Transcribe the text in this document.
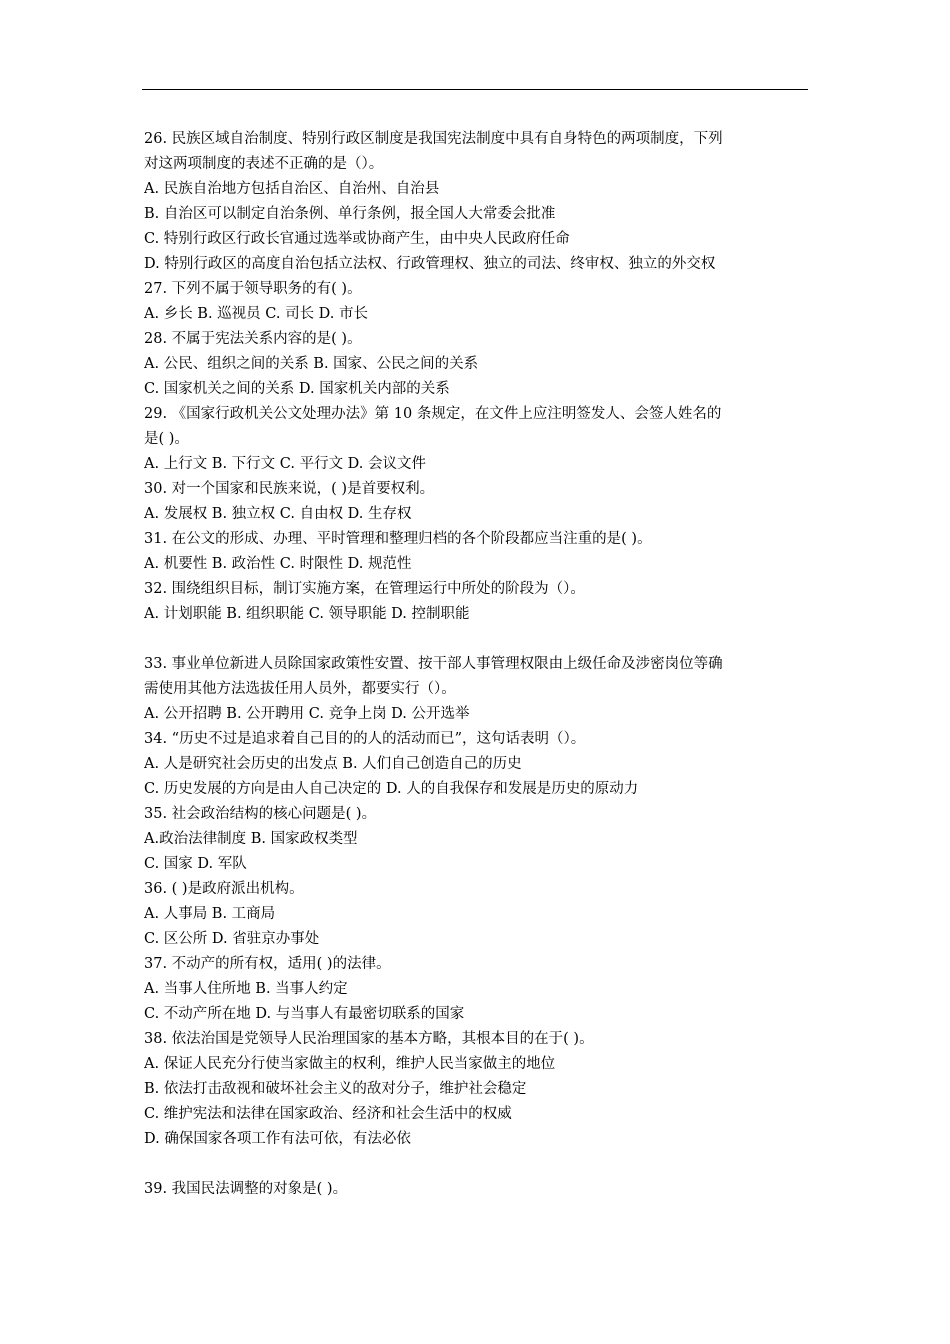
26. 民族区域自治制度、特别行政区制度是我国宪法制度中具有自身特色的两项制度，下列
对这两项制度的表述不正确的是（）。
A. 民族自治地方包括自治区、自治州、自治县
B. 自治区可以制定自治条例、单行条例，报全国人大常委会批准
C. 特别行政区行政长官通过选举或协商产生，由中央人民政府任命
D. 特别行政区的高度自治包括立法权、行政管理权、独立的司法、终审权、独立的外交权
27. 下列不属于领导职务的有( )。
A. 乡长 B. 巡视员 C. 司长 D. 市长
28. 不属于宪法关系内容的是( )。
A. 公民、组织之间的关系 B. 国家、公民之间的关系
C. 国家机关之间的关系 D. 国家机关内部的关系
29. 《国家行政机关公文处理办法》第 10 条规定，在文件上应注明签发人、会签人姓名的
是( )。
A. 上行文 B. 下行文 C. 平行文 D. 会议文件
30. 对一个国家和民族来说，( )是首要权利。
A. 发展权 B. 独立权 C. 自由权 D. 生存权
31. 在公文的形成、办理、平时管理和整理归档的各个阶段都应当注重的是( )。
A. 机要性 B. 政治性 C. 时限性 D. 规范性
32. 围绕组织目标，制订实施方案，在管理运行中所处的阶段为（）。
A. 计划职能 B. 组织职能 C. 领导职能 D. 控制职能
33. 事业单位新进人员除国家政策性安置、按干部人事管理权限由上级任命及涉密岗位等确
需使用其他方法选拔任用人员外，都要实行（）。
A. 公开招聘 B. 公开聘用 C. 竞争上岗 D. 公开选举
34. “历史不过是追求着自己目的的人的活动而已”，这句话表明（）。
A. 人是研究社会历史的出发点 B. 人们自己创造自己的历史
C. 历史发展的方向是由人自己决定的 D. 人的自我保存和发展是历史的原动力
35. 社会政治结构的核心问题是( )。
A.政治法律制度 B. 国家政权类型
C. 国家 D. 军队
36. ( )是政府派出机构。
A. 人事局 B. 工商局
C. 区公所 D. 省驻京办事处
37. 不动产的所有权，适用( )的法律。
A. 当事人住所地 B. 当事人约定
C. 不动产所在地 D. 与当事人有最密切联系的国家
38. 依法治国是党领导人民治理国家的基本方略，其根本目的在于( )。
A. 保证人民充分行使当家做主的权利，维护人民当家做主的地位
B. 依法打击敌视和破坏社会主义的敌对分子，维护社会稳定
C. 维护宪法和法律在国家政治、经济和社会生活中的权威
D. 确保国家各项工作有法可依，有法必依
39. 我国民法调整的对象是( )。
